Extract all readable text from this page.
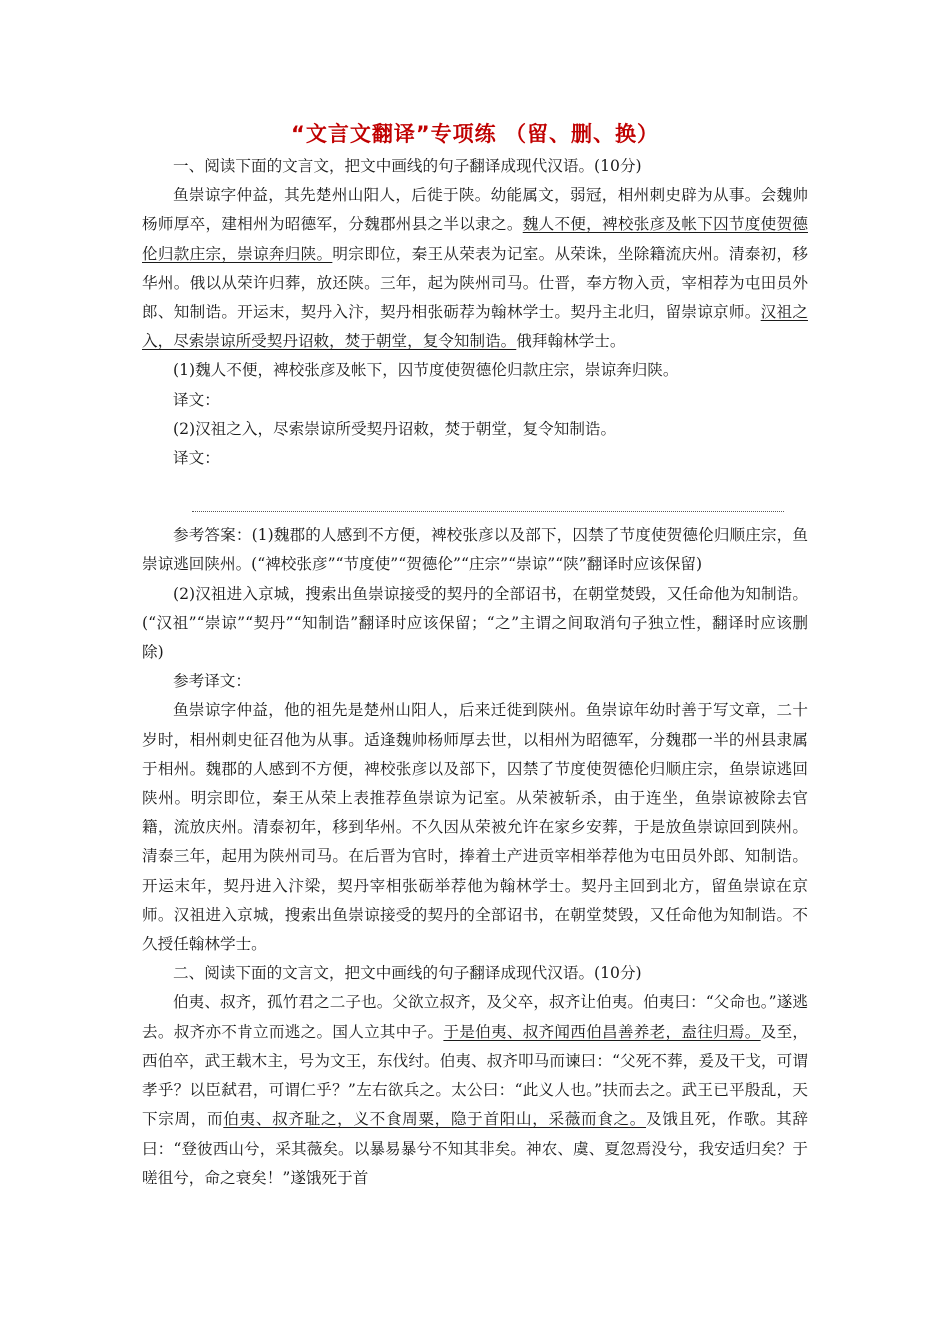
“文言文翻译”专项练 （留、删、换）

一、阅读下面的文言文，把文中画线的句子翻译成现代汉语。(10分)

鱼崇谅字仲益，其先楚州山阳人，后徙于陕。幼能属文，弱冠，相州刺史辟为从事。会魏帅杨师厚卒，建相州为昭德军，分魏郡州县之半以隶之。魏人不便，裨校张彦及帐下囚节度使贺德伦归款庄宗，崇谅奔归陕。明宗即位，秦王从荣表为记室。从荣诛，坐除籍流庆州。清泰初，移华州。俄以从荣许归葬，放还陕。三年，起为陕州司马。仕晋，奉方物入贡，宰相荐为屯田员外郎、知制诰。开运末，契丹入汴，契丹相张砺荐为翰林学士。契丹主北归，留崇谅京师。汉祖之入，尽索崇谅所受契丹诏敕，焚于朝堂，复令知制诰。俄拜翰林学士。

(1)魏人不便，裨校张彦及帐下，囚节度使贺德伦归款庄宗，崇谅奔归陕。

译文：

(2)汉祖之入，尽索崇谅所受契丹诏敕，焚于朝堂，复令知制诰。

译文：

参考答案：(1)魏郡的人感到不方便，裨校张彦以及部下，囚禁了节度使贺德伦归顺庄宗，鱼崇谅逃回陕州。(“裨校张彦”“节度使”“贺德伦”“庄宗”“崇谅”“陕”翻译时应该保留)

(2)汉祖进入京城，搜索出鱼崇谅接受的契丹的全部诏书，在朝堂焚毁，又任命他为知制诰。(“汉祖”“崇谅”“契丹”“知制诰”翻译时应该保留；“之”主谓之间取消句子独立性，翻译时应该删除)

参考译文：

鱼崇谅字仲益，他的祖先是楚州山阳人，后来迁徙到陕州。鱼崇谅年幼时善于写文章，二十岁时，相州刺史征召他为从事。适逢魏帅杨师厚去世，以相州为昭德军，分魏郡一半的州县隶属于相州。魏郡的人感到不方便，裨校张彦以及部下，囚禁了节度使贺德伦归顺庄宗，鱼崇谅逃回陕州。明宗即位，秦王从荣上表推荐鱼崇谅为记室。从荣被斩杀，由于连坐，鱼崇谅被除去官籍，流放庆州。清泰初年，移到华州。不久因从荣被允许在家乡安葬，于是放鱼崇谅回到陕州。清泰三年，起用为陕州司马。在后晋为官时，捧着土产进贡宰相举荐他为屯田员外郎、知制诰。开运末年，契丹进入汴梁，契丹宰相张砺举荐他为翰林学士。契丹主回到北方，留鱼崇谅在京师。汉祖进入京城，搜索出鱼崇谅接受的契丹的全部诏书，在朝堂焚毁，又任命他为知制诰。不久授任翰林学士。

二、阅读下面的文言文，把文中画线的句子翻译成现代汉语。(10分)

伯夷、叔齐，孤竹君之二子也。父欲立叔齐，及父卒，叔齐让伯夷。伯夷曰：“父命也。”遂逃去。叔齐亦不肯立而逃之。国人立其中子。于是伯夷、叔齐闻西伯昌善养老，盍往归焉。及至，西伯卒，武王载木主，号为文王，东伐纣。伯夷、叔齐叩马而谏曰：“父死不葬，爰及干戈，可谓孝乎？以臣弑君，可谓仁乎？”左右欲兵之。太公曰：“此义人也。”扶而去之。武王已平殷乱，天下宗周，而伯夷、叔齐耻之，义不食周粟，隐于首阳山，采薇而食之。及饿且死，作歌。其辞曰：“登彼西山兮，采其薇矣。以暴易暴兮不知其非矣。神农、虞、夏忽焉没兮，我安适归矣？于嗟徂兮，命之衰矣！”遂饿死于首
